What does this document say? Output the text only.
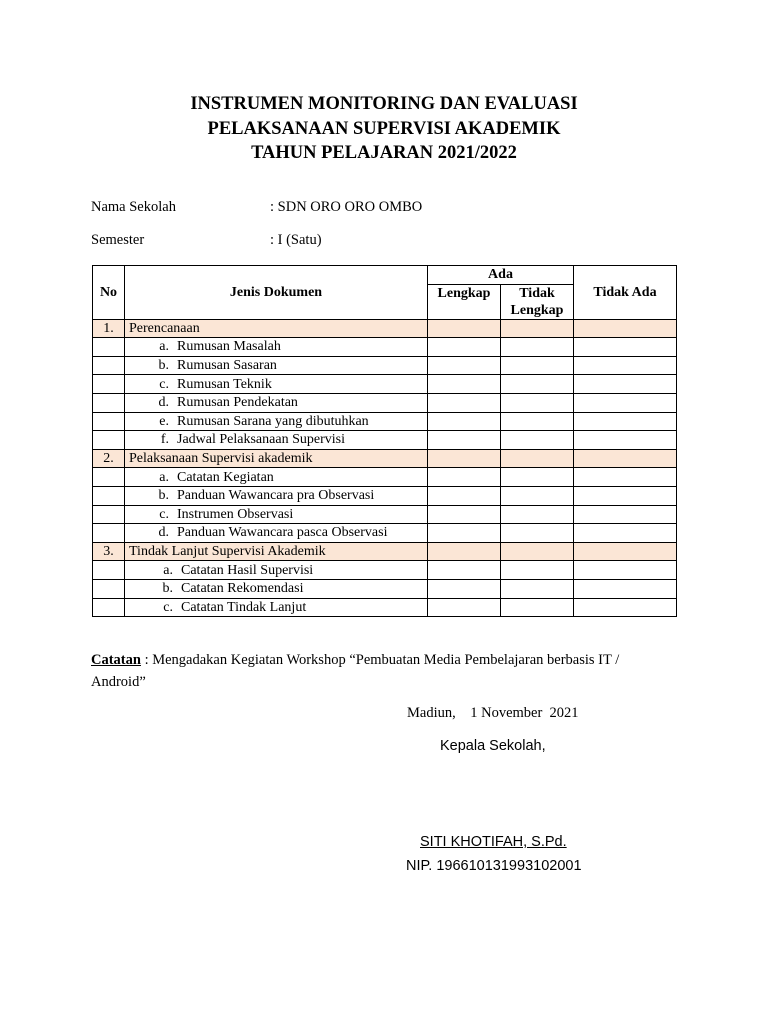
INSTRUMEN MONITORING DAN EVALUASI
PELAKSANAAN SUPERVISI AKADEMIK
TAHUN PELAJARAN 2021/2022
Nama Sekolah	: SDN ORO ORO OMBO
Semester	: I (Satu)
No	Jenis Dokumen	Ada		Tidak Ada
		Lengkap	Tidak
Lengkap	

1.	Perencanaan			
	a. Rumusan Masalah			
	b. Rumusan Sasaran			
	c. Rumusan Teknik			
	d. Rumusan Pendekatan			
	e. Rumusan Sarana yang dibutuhkan			
	f. Jadwal Pelaksanaan Supervisi			
2.	Pelaksanaan Supervisi akademik			
	a. Catatan Kegiatan			
	b. Panduan Wawancara pra Observasi			
	c. Instrumen Observasi			
	d. Panduan Wawancara pasca Observasi			
3.	Tindak Lanjut Supervisi Akademik			
	a. Catatan Hasil Supervisi			
	b. Catatan Rekomendasi			
	c. Catatan Tindak Lanjut			
Catatan : Mengadakan Kegiatan Workshop “Pembuatan Media Pembelajaran berbasis IT / Android”
Madiun,    1 November  2021
Kepala Sekolah,
SITI KHOTIFAH, S.Pd.
NIP. 196610131993102001
